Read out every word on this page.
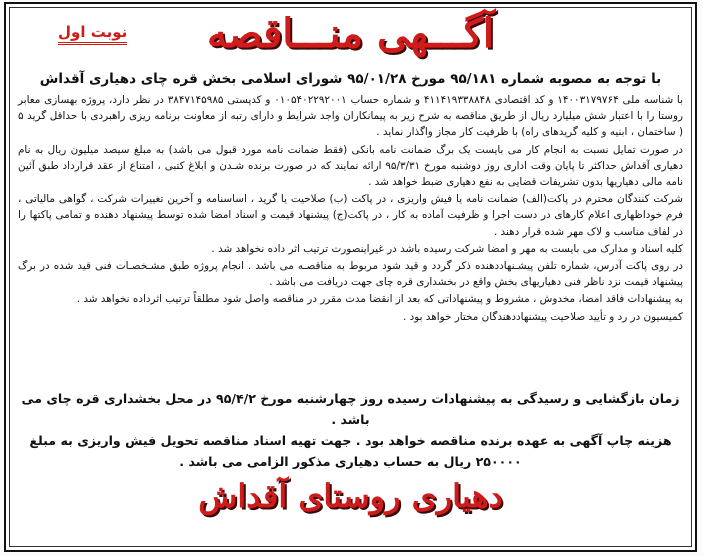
آگـــهی منـــاقصه
نوبت اول
با توجه به مصوبه شماره ۹۵/۱۸۱ مورخ ۹۵/۰۱/۲۸ شورای اسلامی بخش قره چای دهیاری آقداش

با شناسه ملی ۱۴۰۰۳۱۷۹۷۶۴ و کد اقتصادی ۴۱۱۴۱۹۳۳۸۸۴۸ و شماره حساب ۰۱۰۵۴۰۲۲۹۲۰۰۱ و کدپستی ۳۸۴۷۱۴۵۹۸۵ در نظر دارد، پروژه بهسازی معابر روستا را با اعتبار شش میلیارد ریال از طریق مناقصه به شرح زیر به پیمانکاران واجد شرایط و دارای رتبه از معاونت برنامه ریزی راهبردی با حداقل گرید ۵ ( ساختمان ، ابنیه و کلیه گریدهای راه) با ظرفیت کار مجاز واگذار نماید .

در صورت تمایل نسبت به انجام کار می بایست یک برگ ضمانت نامه بانکی (فقط ضمانت نامه مورد قبول می باشد) به مبلغ سیصد میلیون ریال به نام دهیاری آقداش حداکثر تا پایان وقت اداری روز دوشنبه مورخ ۹۵/۳/۳۱ ارائه نمایند که در صورت برنده شـدن و ابلاغ کتبی ، امتناع از عقد قرارداد طبق آئین نامه مالی دهیاریها بدون تشریفات قضایی به نفع دهیاری ضبط خواهد شد .

شرکت کنندگان محترم در پاکت(الف) ضمانت نامه یا فیش واریزی ، در پاکت (ب) صلاحیت یا گرید ، اساسنامه و آخرین تغییرات شرکت ، گواهی مالیاتی ، فرم خوداظهاری اعلام کارهای در دست اجرا و ظرفیت آماده به کار ، در پاکت(ج) پیشنهاد قیمت و اسناد امضا شده توسط پیشنهاد دهنده و تمامی پاکتها را در لفاف مناسب و لاک مهر شده قرار دهند .

کلیه اسناد و مدارک می بایست به مهر و امضا شرکت رسیده باشد در غیراینصورت ترتیب اثر داده نخواهد شد .

در روی پاکت آدرس، شماره تلفن پیشـنهاددهنده ذکر گردد و قید شود مربوط به مناقصـه می باشد . انجام پروژه طبق مشـخصـات فنی قید شده در برگ پیشنهاد قیمت نزد ناظر فنی دهیاریهای بخش واقع در بخشداری قره چای جهت دریافت می باشد .

به پیشنهادات فاقد امضا، مخدوش ، مشروط و پیشنهاداتی که بعد از انقضا مدت مقرر در مناقصه واصل شود مطلقاً ترتیب اثرداده نخواهد شد .

کمیسیون در رد و تأیید صلاحیت پیشنهاددهندگان مختار خواهد بود .

زمان بازگشایی و رسیدگی به پیشنهادات رسیده روز چهارشنبه مورخ ۹۵/۴/۲ در محل بخشداری قره چای می باشد .

هزینه چاپ آگهی به عهده برنده مناقصه خواهد بود . جهت تهیه اسناد مناقصه تحویل فیش واریزی به مبلغ ۲۵۰۰۰۰ ریال به حساب دهیاری مذکور الزامی می باشد .

دهیاری روستای آقداش
